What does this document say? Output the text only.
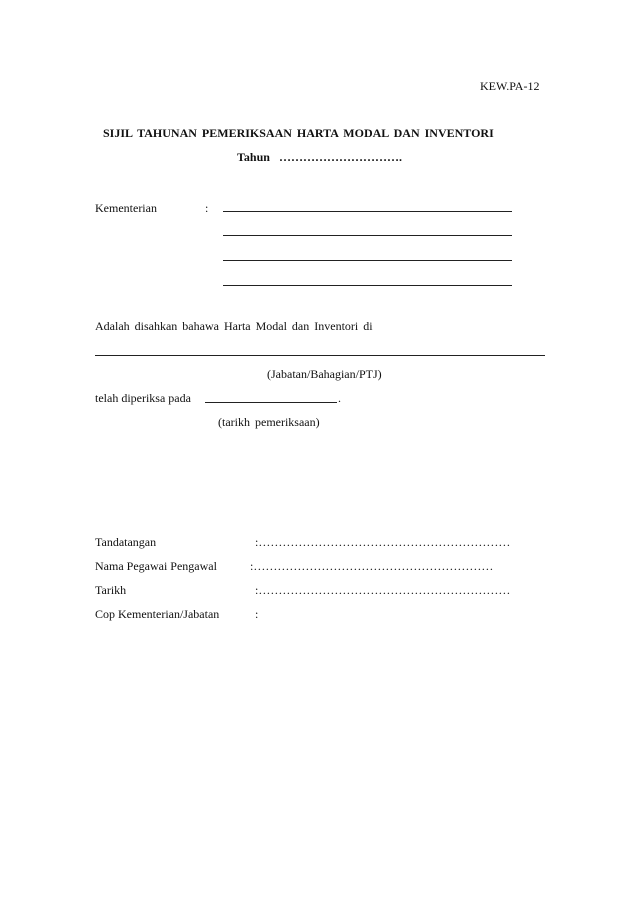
KEW.PA-12
SIJIL TAHUNAN PEMERIKSAAN HARTA MODAL DAN INVENTORI
Tahun ………………………….
Kementerian	:
Adalah disahkan bahawa Harta Modal dan Inventori di
(Jabatan/Bahagian/PTJ)
telah diperiksa pada	.
(tarikh pemeriksaan)
Tandatangan	:………………………………………………………
Nama Pegawai Pengawal	:……………………………………………………
Tarikh	:………………………………………………………
Cop Kementerian/Jabatan	:
